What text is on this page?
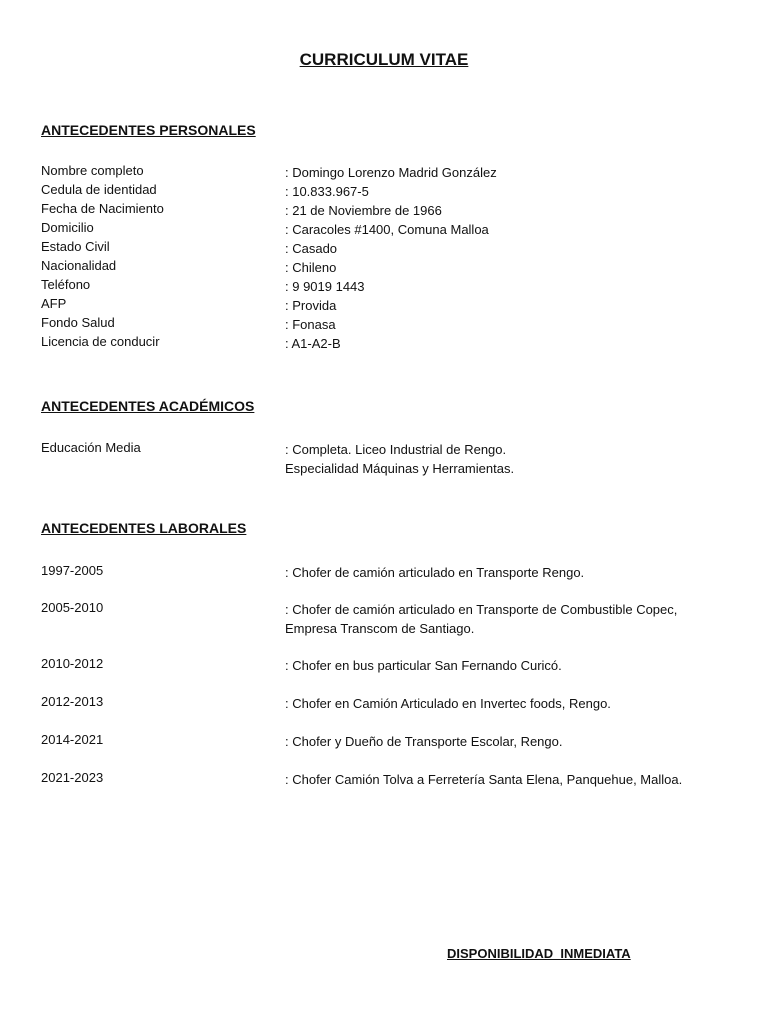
CURRICULUM VITAE
ANTECEDENTES PERSONALES
Nombre completo	: Domingo Lorenzo Madrid González
Cedula de identidad	: 10.833.967-5
Fecha de Nacimiento	: 21 de Noviembre de 1966
Domicilio	: Caracoles #1400, Comuna Malloa
Estado Civil	: Casado
Nacionalidad	: Chileno
Teléfono	: 9 9019 1443
AFP	: Provida
Fondo Salud	: Fonasa
Licencia de conducir	: A1-A2-B
ANTECEDENTES ACADÉMICOS
Educación Media	: Completa. Liceo Industrial de Rengo.
Especialidad Máquinas y Herramientas.
ANTECEDENTES LABORALES
1997-2005	: Chofer de camión articulado en Transporte Rengo.
2005-2010	: Chofer de camión articulado en Transporte de Combustible Copec,
Empresa Transcom de Santiago.
2010-2012	: Chofer en bus particular San Fernando Curicó.
2012-2013	: Chofer en Camión Articulado en Invertec foods, Rengo.
2014-2021	: Chofer y Dueño de Transporte Escolar, Rengo.
2021-2023	: Chofer Camión Tolva a Ferretería Santa Elena, Panquehue, Malloa.
DISPONIBILIDAD  INMEDIATA
